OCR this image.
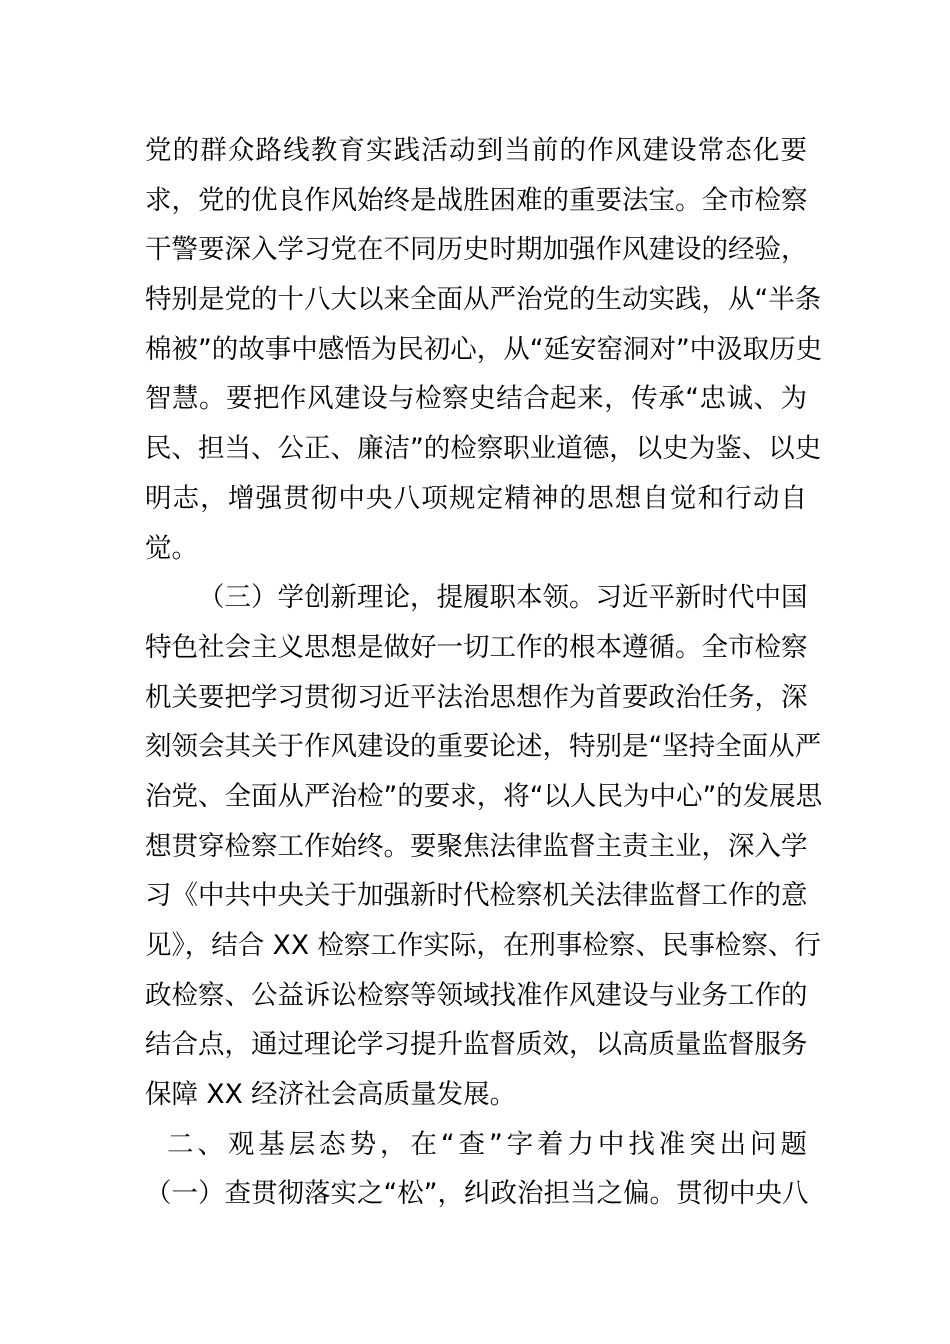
党的群众路线教育实践活动到当前的作风建设常态化要
求，党的优良作风始终是战胜困难的重要法宝。全市检察
干警要深入学习党在不同历史时期加强作风建设的经验，
特别是党的十八大以来全面从严治党的生动实践，从“半条
棉被”的故事中感悟为民初心，从“延安窑洞对”中汲取历史
智慧。要把作风建设与检察史结合起来，传承“忠诚、为
民、担当、公正、廉洁”的检察职业道德，以史为鉴、以史
明志，增强贯彻中央八项规定精神的思想自觉和行动自
觉。
（三）学创新理论，提履职本领。习近平新时代中国
特色社会主义思想是做好一切工作的根本遵循。全市检察
机关要把学习贯彻习近平法治思想作为首要政治任务，深
刻领会其关于作风建设的重要论述，特别是“坚持全面从严
治党、全面从严治检”的要求，将“以人民为中心”的发展思
想贯穿检察工作始终。要聚焦法律监督主责主业，深入学
习《中共中央关于加强新时代检察机关法律监督工作的意
见》，结合 XX 检察工作实际，在刑事检察、民事检察、行
政检察、公益诉讼检察等领域找准作风建设与业务工作的
结合点，通过理论学习提升监督质效，以高质量监督服务
保障 XX 经济社会高质量发展。
二、观基层态势，在“查”字着力中找准突出问题
（一）查贯彻落实之“松”，纠政治担当之偏。贯彻中央八
